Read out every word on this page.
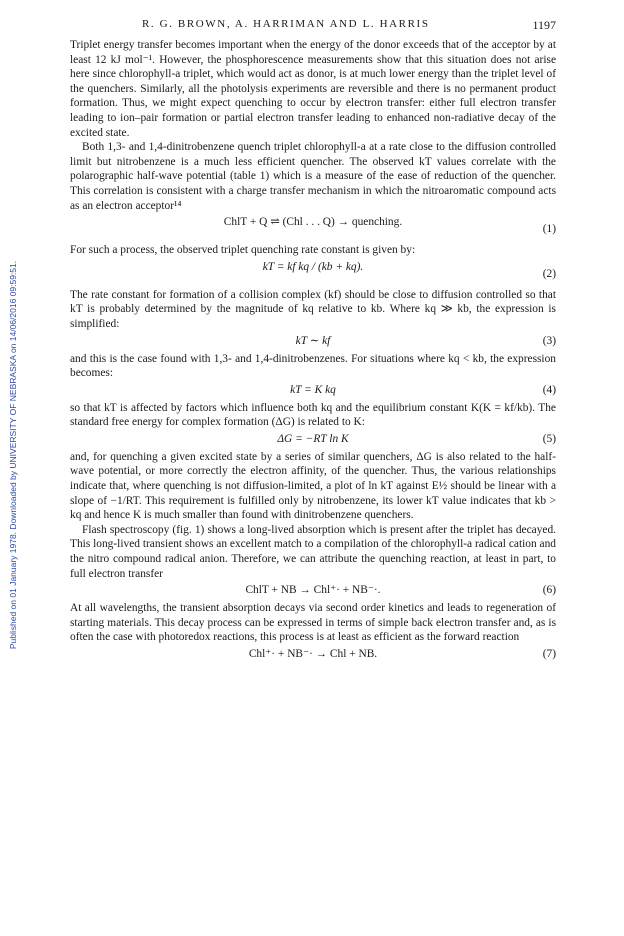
Published on 01 January 1978. Downloaded by UNIVERSITY OF NEBRASKA on 14/06/2016 09:59:51.
R. G. BROWN, A. HARRIMAN AND L. HARRIS	1197

Triplet energy transfer becomes important when the energy of the donor exceeds that of the acceptor by at least 12 kJ mol⁻¹. However, the phosphorescence measurements show that this situation does not arise here since chlorophyll-a triplet, which would act as donor, is at much lower energy than the triplet level of the quenchers. Similarly, all the photolysis experiments are reversible and there is no permanent product formation. Thus, we might expect quenching to occur by electron transfer: either full electron transfer leading to ion–pair formation or partial electron transfer leading to enhanced non-radiative decay of the excited state.

Both 1,3- and 1,4-dinitrobenzene quench triplet chlorophyll-a at a rate close to the diffusion controlled limit but nitrobenzene is a much less efficient quencher. The observed kT values correlate with the polarographic half-wave potential (table 1) which is a measure of the ease of reduction of the quencher. This correlation is consistent with a charge transfer mechanism in which the nitroaromatic compound acts as an electron acceptor¹⁴

ChlT + Q ⇌ (Chl . . . Q) → quenching.
(1)

For such a process, the observed triplet quenching rate constant is given by:

kT = kf kq / (kb + kq).
(2)

The rate constant for formation of a collision complex (kf) should be close to diffusion controlled so that kT is probably determined by the magnitude of kq relative to kb. Where kq ≫ kb, the expression is simplified:

kT ∼ kf	(3)

and this is the case found with 1,3- and 1,4-dinitrobenzenes. For situations where kq < kb, the expression becomes:

kT = K kq	(4)

so that kT is affected by factors which influence both kq and the equilibrium constant K(K = kf/kb). The standard free energy for complex formation (ΔG) is related to K:

ΔG = −RT ln K	(5)

and, for quenching a given excited state by a series of similar quenchers, ΔG is also related to the half-wave potential, or more correctly the electron affinity, of the quencher. Thus, the various relationships indicate that, where quenching is not diffusion-limited, a plot of ln kT against E½ should be linear with a slope of −1/RT. This requirement is fulfilled only by nitrobenzene, its lower kT value indicates that kb > kq and hence K is much smaller than found with dinitrobenzene quenchers.

Flash spectroscopy (fig. 1) shows a long-lived absorption which is present after the triplet has decayed. This long-lived transient shows an excellent match to a compilation of the chlorophyll-a radical cation and the nitro compound radical anion. Therefore, we can attribute the quenching reaction, at least in part, to full electron transfer

ChlT + NB → Chl⁺· + NB⁻·.	(6)

At all wavelengths, the transient absorption decays via second order kinetics and leads to regeneration of starting materials. This decay process can be expressed in terms of simple back electron transfer and, as is often the case with photoredox reactions, this process is at least as efficient as the forward reaction

Chl⁺· + NB⁻· → Chl + NB.	(7)
